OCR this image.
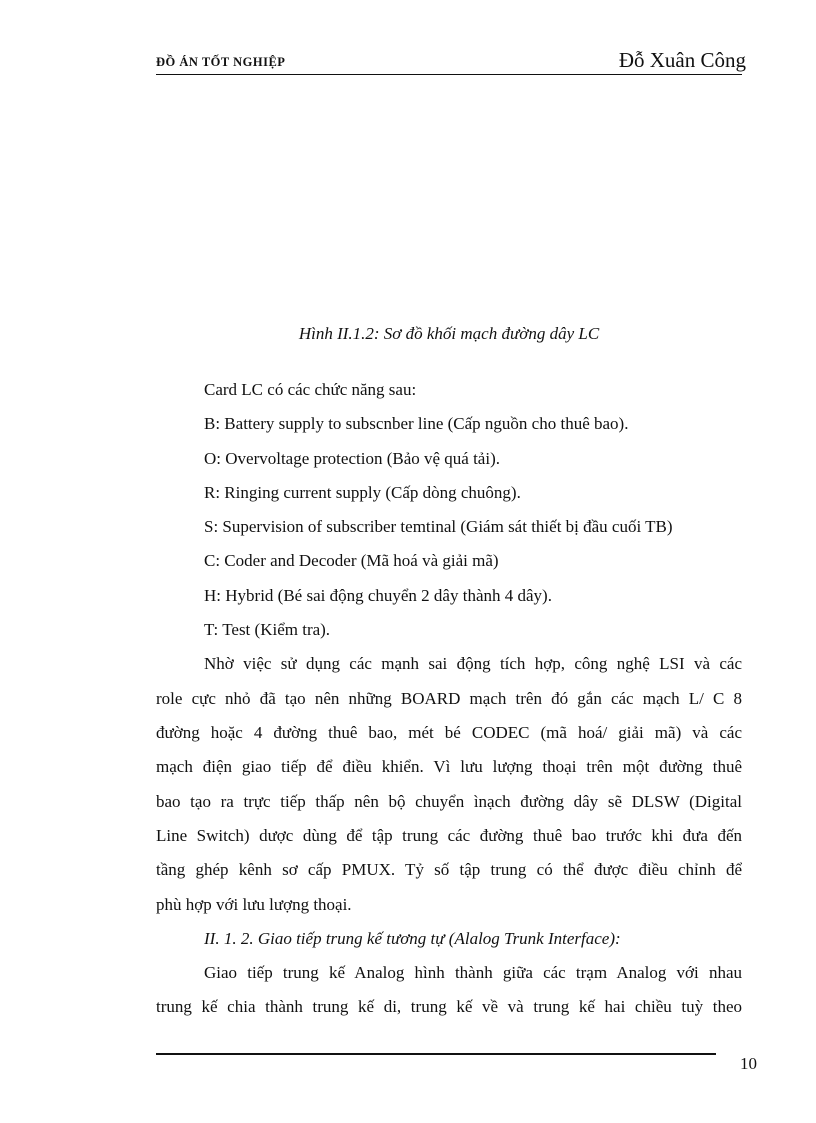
ĐỒ ÁN TỐT NGHIỆP	Đỗ Xuân Công
Hình II.1.2: Sơ đồ khối mạch đường dây LC
Card LC có các chức năng sau:
B: Battery supply to subscnber line (Cấp nguồn cho thuê bao).
O: Overvoltage protection (Bảo vệ quá tải).
R: Ringing current supply (Cấp dòng chuông).
S: Supervision of subscriber temtinal (Giám sát thiết bị đầu cuối TB)
C: Coder and Decoder (Mã hoá và giải mã)
H: Hybrid (Bé sai động chuyển 2 dây thành 4 dây).
T: Test (Kiểm tra).
Nhờ việc sử dụng các mạnh sai động tích hợp, công nghệ LSI và các
role cực nhỏ đã tạo nên những BOARD mạch trên đó gắn các mạch L/ C 8
đường hoặc 4 đường thuê bao, mét bé CODEC (mã hoá/ giải mã) và các
mạch điện giao tiếp để điều khiển. Vì lưu lượng thoại trên một đường thuê
bao tạo ra trực tiếp thấp nên bộ chuyển ìnạch đường dây sẽ DLSW (Digital
Line Switch) dược dùng để tập trung các đường thuê bao trước khi đưa đến
tầng ghép kênh sơ cấp PMUX. Tỷ số tập trung có thể được điều chỉnh để
phù hợp với lưu lượng thoại.
II. 1. 2. Giao tiếp trung kế tương tự (Alalog Trunk Interface):
Giao tiếp trung kế Analog hình thành giữa các trạm Analog với nhau
trung kế chia thành trung kế di, trung kế về và trung kế hai chiều tuỳ theo
10
